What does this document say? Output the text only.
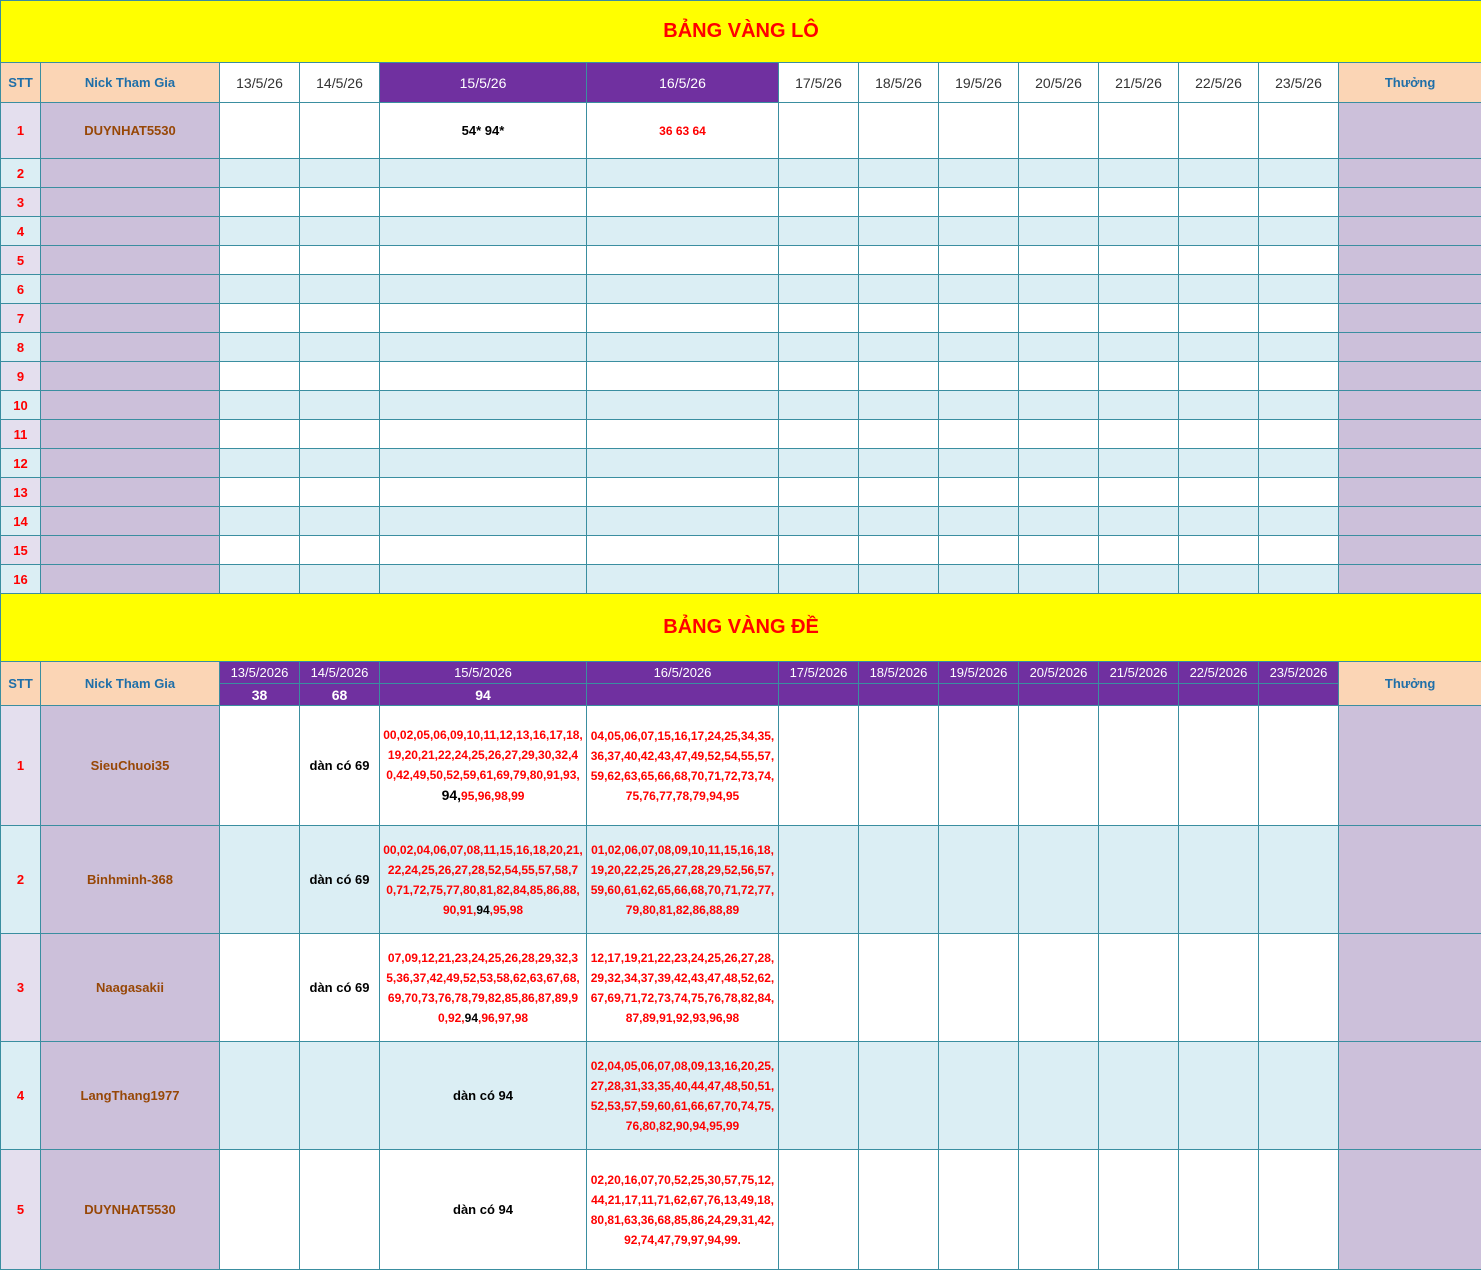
BẢNG VÀNG LÔ													
STT	Nick Tham Gia	13/5/26	14/5/26	15/5/26	16/5/26	17/5/26	18/5/26	19/5/26	20/5/26	21/5/26	22/5/26	23/5/26	Thưởng
1	DUYNHAT5530			54* 94*	36 63 64								
2													
3													
4													
5													
6													
7													
8													
9													
10													
11													
12													
13													
14													
15													
16													
BẢNG VÀNG ĐỀ													
STT	Nick Tham Gia	13/5/2026	14/5/2026	15/5/2026	16/5/2026	17/5/2026	18/5/2026	19/5/2026	20/5/2026	21/5/2026	22/5/2026	23/5/2026	Thưởng
		38	68	94									
1	SieuChuoi35		dàn có 69	00,02,05,06,09,10,11,12,13,16,17,18,19,20,21,22,24,25,26,27,29,30,32,40,42,49,50,52,59,61,69,79,80,91,93,94,95,96,98,99	04,05,06,07,15,16,17,24,25,34,35,36,37,40,42,43,47,49,52,54,55,57,59,62,63,65,66,68,70,71,72,73,74,75,76,77,78,79,94,95								
2	Binhminh-368		dàn có 69	00,02,04,06,07,08,11,15,16,18,20,21,22,24,25,26,27,28,52,54,55,57,58,70,71,72,75,77,80,81,82,84,85,86,88,90,91,94,95,98	01,02,06,07,08,09,10,11,15,16,18,19,20,22,25,26,27,28,29,52,56,57,59,60,61,62,65,66,68,70,71,72,77,79,80,81,82,86,88,89								
3	Naagasakii		dàn có 69	07,09,12,21,23,24,25,26,28,29,32,35,36,37,42,49,52,53,58,62,63,67,68,69,70,73,76,78,79,82,85,86,87,89,90,92,94,96,97,98	12,17,19,21,22,23,24,25,26,27,28,29,32,34,37,39,42,43,47,48,52,62,67,69,71,72,73,74,75,76,78,82,84,87,89,91,92,93,96,98								
4	LangThang1977			dàn có 94	02,04,05,06,07,08,09,13,16,20,25,27,28,31,33,35,40,44,47,48,50,51,52,53,57,59,60,61,66,67,70,74,75,76,80,82,90,94,95,99								
5	DUYNHAT5530			dàn có 94	02,20,16,07,70,52,25,30,57,75,12,44,21,17,11,71,62,67,76,13,49,18,80,81,63,36,68,85,86,24,29,31,42,92,74,47,79,97,94,99.								
